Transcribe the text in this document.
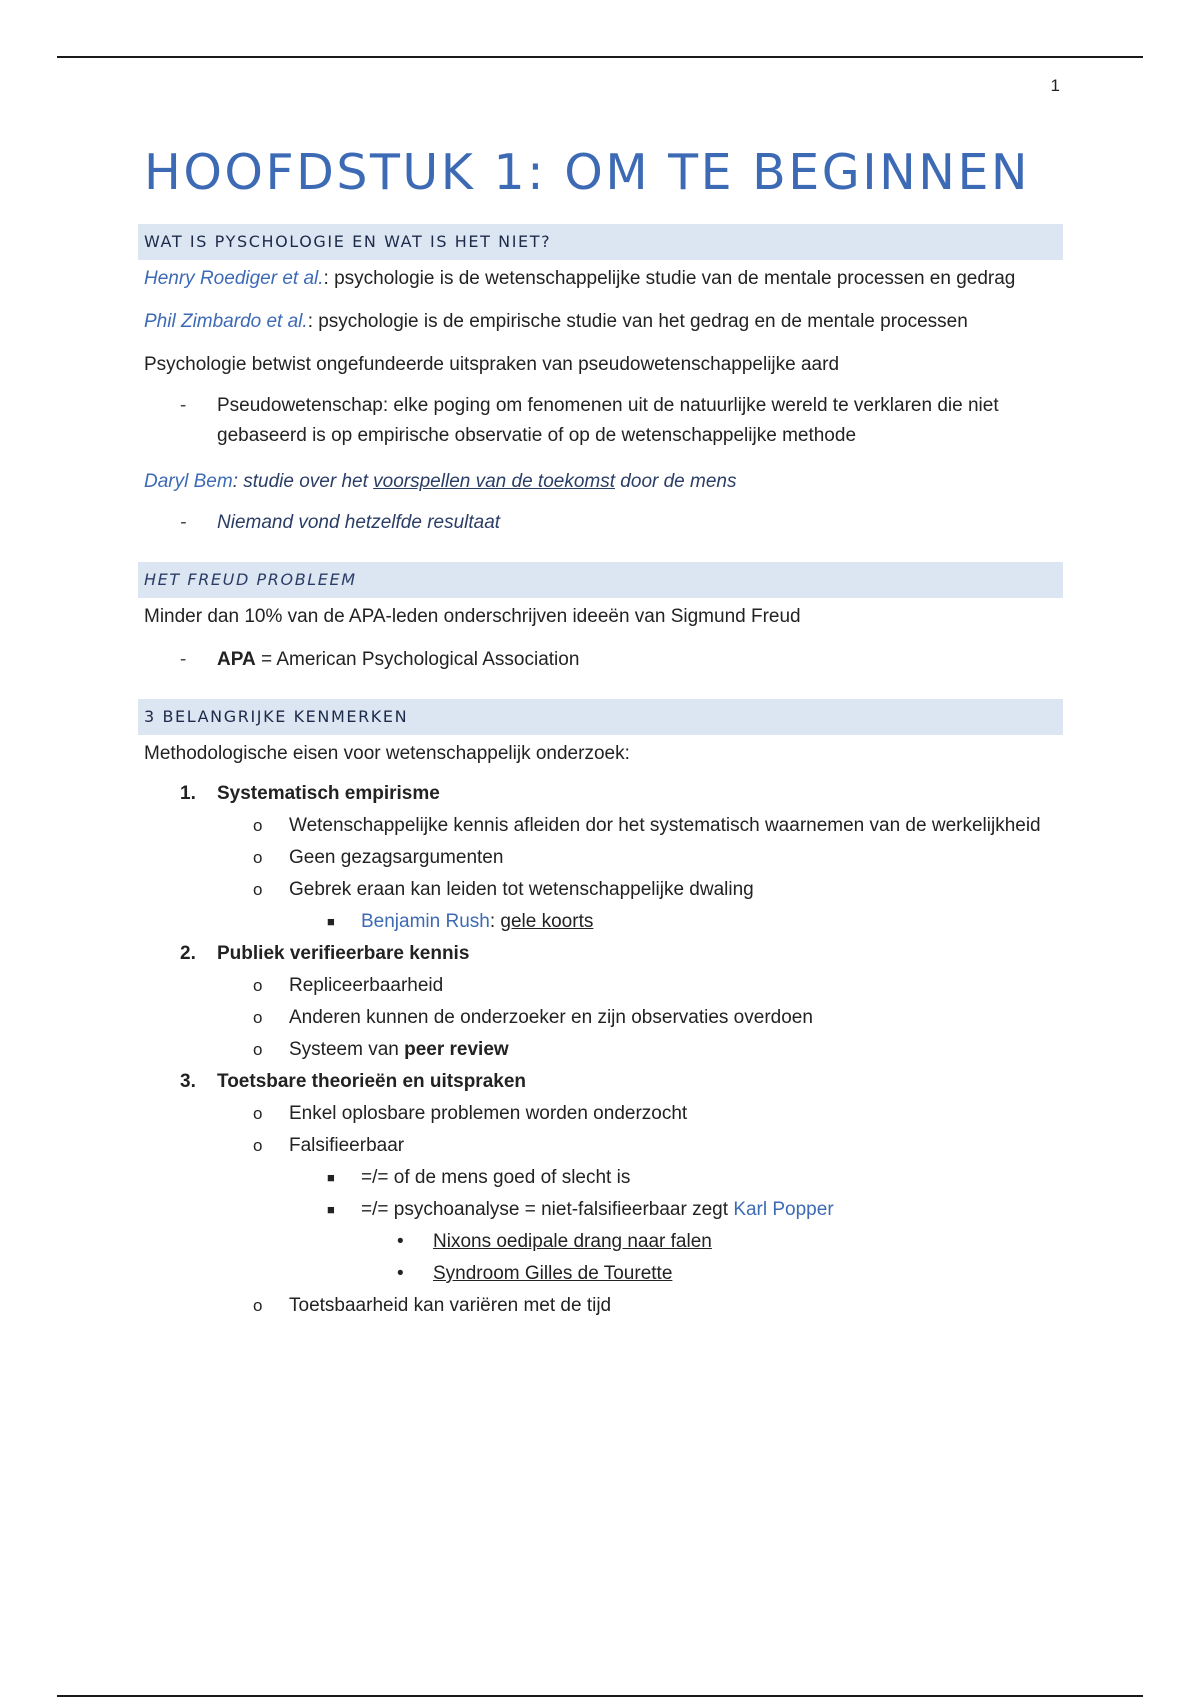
1
HOOFDSTUK 1: OM TE BEGINNEN
WAT IS PYSCHOLOGIE EN WAT IS HET NIET?

Henry Roediger et al.: psychologie is de wetenschappelijke studie van de mentale processen en gedrag

Phil Zimbardo et al.: psychologie is de empirische studie van het gedrag en de mentale processen

Psychologie betwist ongefundeerde uitspraken van pseudowetenschappelijke aard

- Pseudowetenschap: elke poging om fenomenen uit de natuurlijke wereld te verklaren die niet gebaseerd is op empirische observatie of op de wetenschappelijke methode

Daryl Bem: studie over het voorspellen van de toekomst door de mens

- Niemand vond hetzelfde resultaat
HET FREUD PROBLEEM

Minder dan 10% van de APA-leden onderschrijven ideeën van Sigmund Freud

- APA = American Psychological Association
3 BELANGRIJKE KENMERKEN

Methodologische eisen voor wetenschappelijk onderzoek:

1. Systematisch empirisme
o Wetenschappelijke kennis afleiden dor het systematisch waarnemen van de werkelijkheid
o Geen gezagsargumenten
o Gebrek eraan kan leiden tot wetenschappelijke dwaling
■ Benjamin Rush: gele koorts
2. Publiek verifieerbare kennis
o Repliceerbaarheid
o Anderen kunnen de onderzoeker en zijn observaties overdoen
o Systeem van peer review
3. Toetsbare theorieën en uitspraken
o Enkel oplosbare problemen worden onderzocht
o Falsifieerbaar
■ =/= of de mens goed of slecht is
■ =/= psychoanalyse = niet-falsifieerbaar zegt Karl Popper
• Nixons oedipale drang naar falen
• Syndroom Gilles de Tourette
o Toetsbaarheid kan variëren met de tijd
